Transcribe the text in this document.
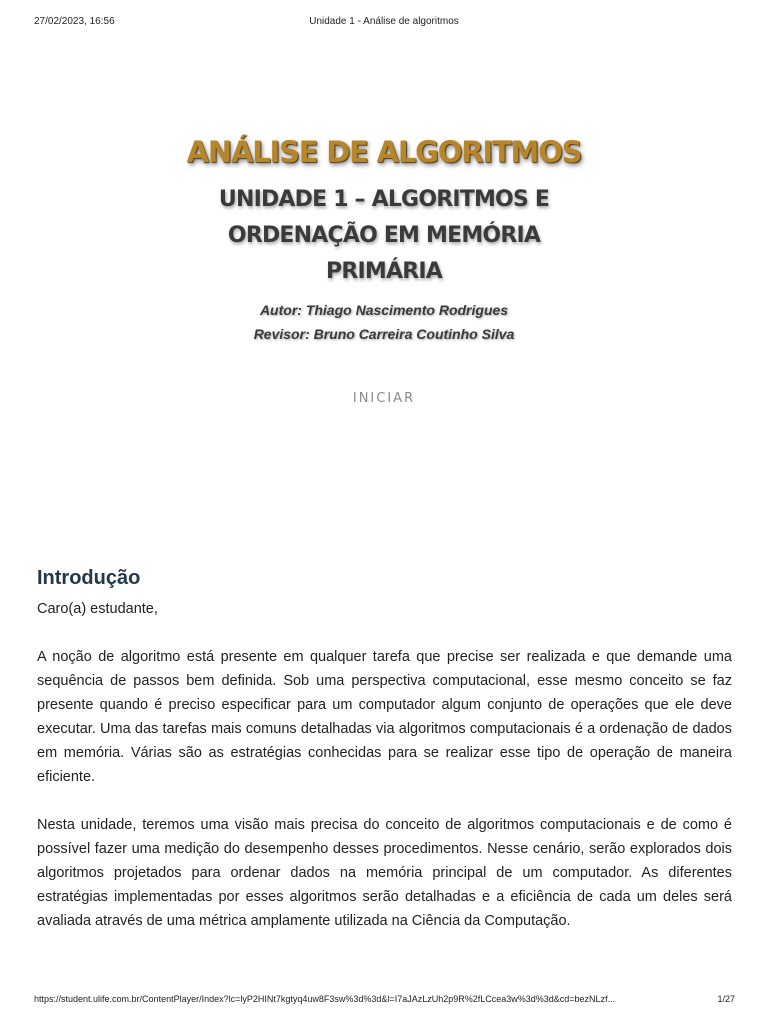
27/02/2023, 16:56	Unidade 1 - Análise de algoritmos
ANÁLISE DE ALGORITMOS
UNIDADE 1 – ALGORITMOS E ORDENAÇÃO EM MEMÓRIA PRIMÁRIA
Autor: Thiago Nascimento Rodrigues
Revisor: Bruno Carreira Coutinho Silva
INICIAR
Introdução

Caro(a) estudante,

A noção de algoritmo está presente em qualquer tarefa que precise ser realizada e que demande uma sequência de passos bem definida. Sob uma perspectiva computacional, esse mesmo conceito se faz presente quando é preciso especificar para um computador algum conjunto de operações que ele deve executar. Uma das tarefas mais comuns detalhadas via algoritmos computacionais é a ordenação de dados em memória. Várias são as estratégias conhecidas para se realizar esse tipo de operação de maneira eficiente.

Nesta unidade, teremos uma visão mais precisa do conceito de algoritmos computacionais e de como é possível fazer uma medição do desempenho desses procedimentos. Nesse cenário, serão explorados dois algoritmos projetados para ordenar dados na memória principal de um computador. As diferentes estratégias implementadas por esses algoritmos serão detalhadas e a eficiência de cada um deles será avaliada através de uma métrica amplamente utilizada na Ciência da Computação.

https://student.ulife.com.br/ContentPlayer/Index?lc=lyP2HINt7kgtyq4uw8F3sw%3d%3d&l=I7aJAzLzUh2p9R%2fLCcea3w%3d%3d&cd=bezNLzf...	1/27
